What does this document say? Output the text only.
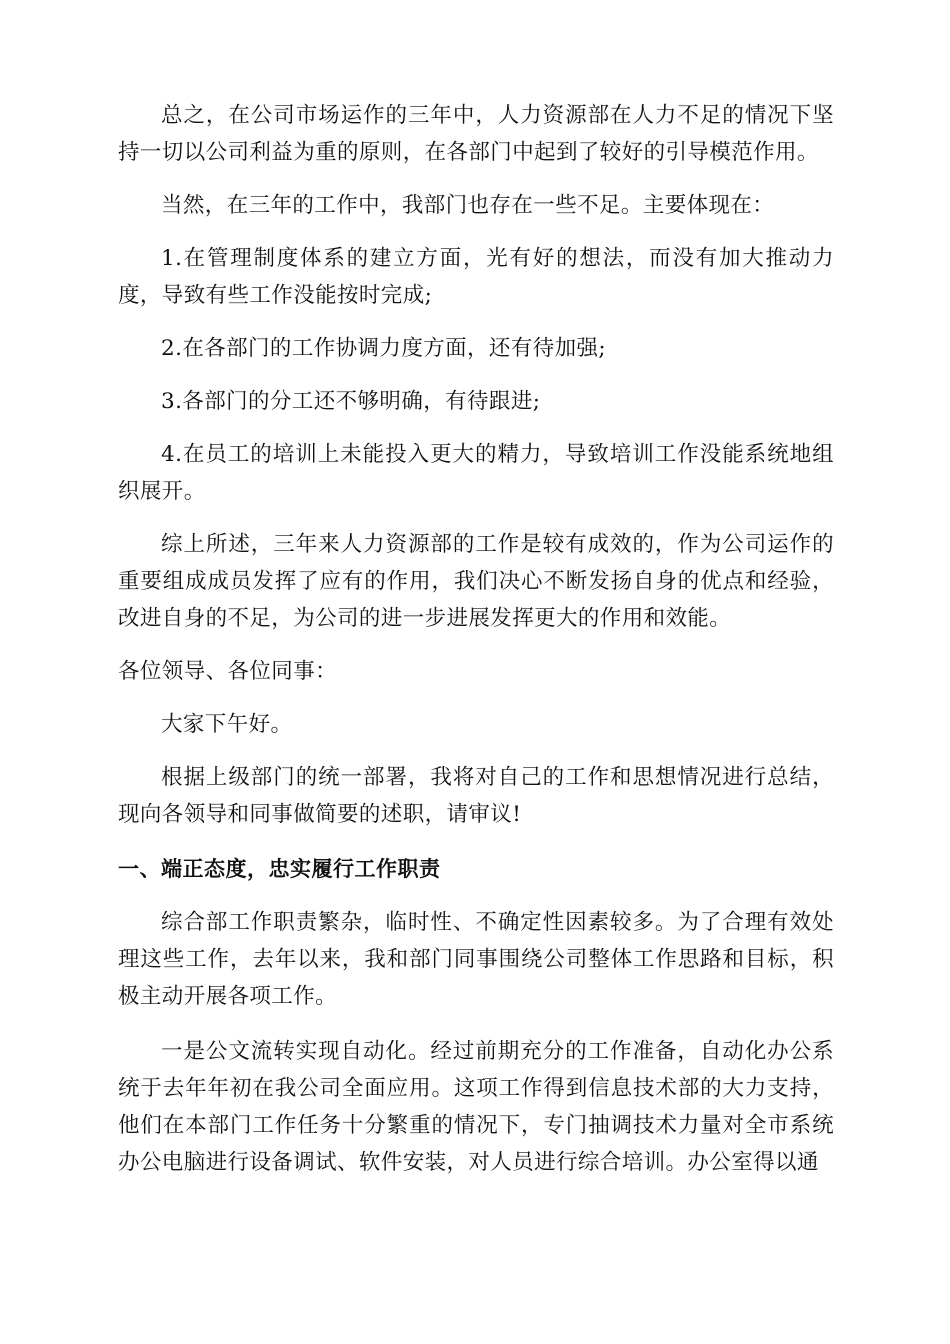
总之，在公司市场运作的三年中，人力资源部在人力不足的情况下坚持一切以公司利益为重的原则，在各部门中起到了较好的引导模范作用。

当然，在三年的工作中，我部门也存在一些不足。主要体现在：

1.在管理制度体系的建立方面，光有好的想法，而没有加大推动力度，导致有些工作没能按时完成;

2.在各部门的工作协调力度方面，还有待加强;

3.各部门的分工还不够明确，有待跟进;

4.在员工的培训上未能投入更大的精力，导致培训工作没能系统地组织展开。

综上所述，三年来人力资源部的工作是较有成效的，作为公司运作的重要组成成员发挥了应有的作用，我们决心不断发扬自身的优点和经验，改进自身的不足，为公司的进一步进展发挥更大的作用和效能。

各位领导、各位同事：

大家下午好。

根据上级部门的统一部署，我将对自己的工作和思想情况进行总结，现向各领导和同事做简要的述职，请审议!

一、端正态度，忠实履行工作职责

综合部工作职责繁杂，临时性、不确定性因素较多。为了合理有效处理这些工作，去年以来，我和部门同事围绕公司整体工作思路和目标，积极主动开展各项工作。

一是公文流转实现自动化。经过前期充分的工作准备，自动化办公系统于去年年初在我公司全面应用。这项工作得到信息技术部的大力支持，他们在本部门工作任务十分繁重的情况下，专门抽调技术力量对全市系统办公电脑进行设备调试、软件安装，对人员进行综合培训。办公室得以通
